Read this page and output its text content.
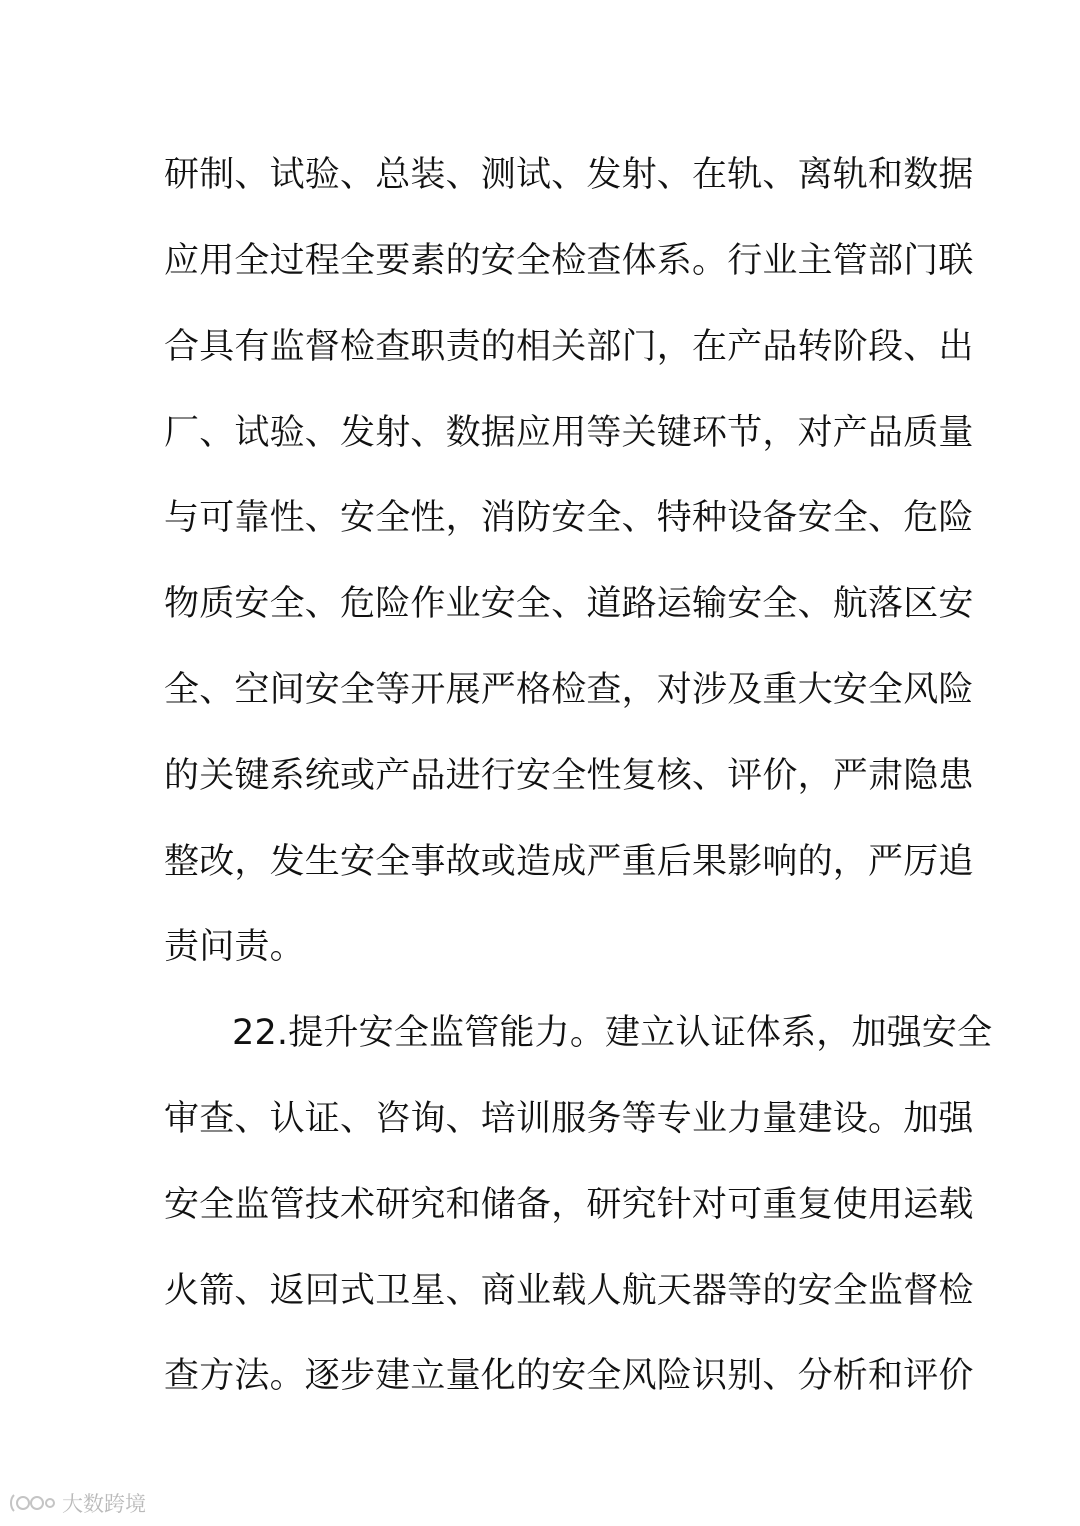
研制、试验、总装、测试、发射、在轨、离轨和数据
应用全过程全要素的安全检查体系。行业主管部门联
合具有监督检查职责的相关部门，在产品转阶段、出
厂、试验、发射、数据应用等关键环节，对产品质量
与可靠性、安全性，消防安全、特种设备安全、危险
物质安全、危险作业安全、道路运输安全、航落区安
全、空间安全等开展严格检查，对涉及重大安全风险
的关键系统或产品进行安全性复核、评价，严肃隐患
整改，发生安全事故或造成严重后果影响的，严厉追
责问责。
22.提升安全监管能力。建立认证体系，加强安全
审查、认证、咨询、培训服务等专业力量建设。加强
安全监管技术研究和储备，研究针对可重复使用运载
火箭、返回式卫星、商业载人航天器等的安全监督检
查方法。逐步建立量化的安全风险识别、分析和评价
大数跨境
